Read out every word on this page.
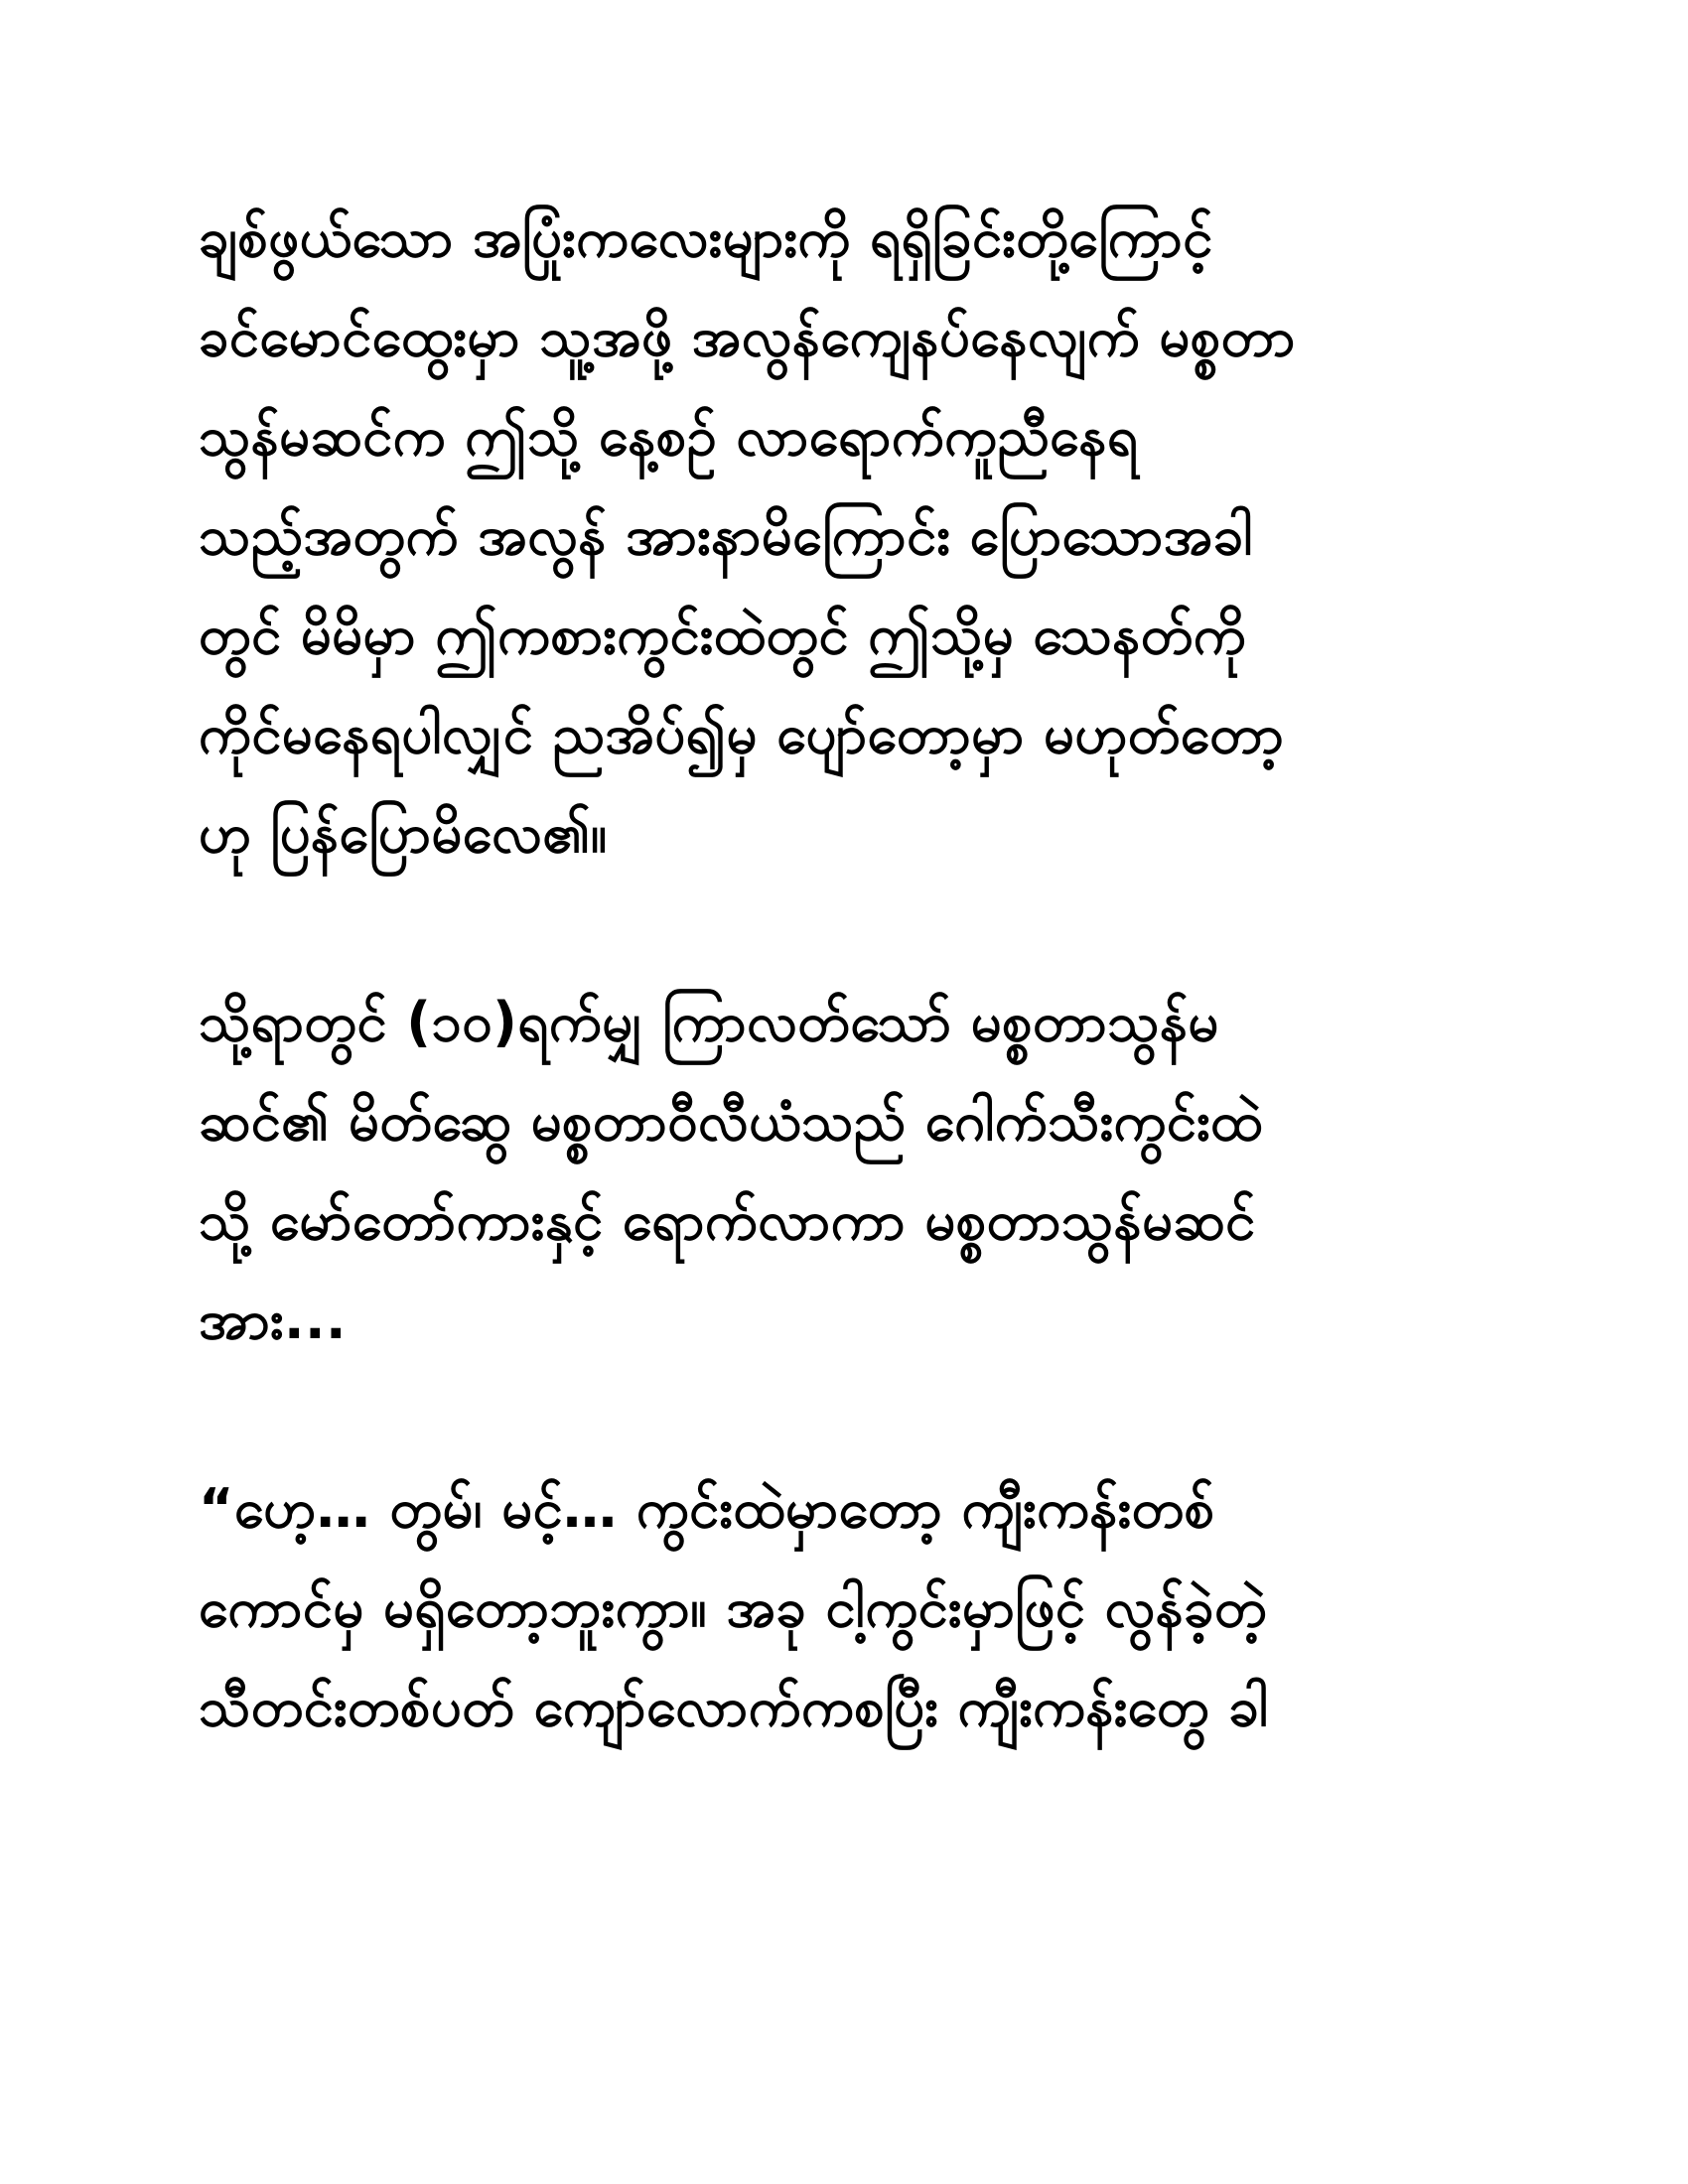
ချစ်ဖွယ်သော အပြုံးကလေးများကို ရရှိခြင်းတို့ကြောင့်
ခင်မောင်ထွေးမှာ သူ့အဖို့ အလွန်ကျေနပ်နေလျက် မစ္စတာ
သွန်မဆင်က ဤသို့ နေ့စဉ် လာရောက်ကူညီနေရ
သည့်အတွက် အလွန် အားနာမိကြောင်း ပြောသောအခါ
တွင် မိမိမှာ ဤကစားကွင်းထဲတွင် ဤသို့မှ သေနတ်ကို
ကိုင်မနေရပါလျှင် ညအိပ်၍မှ ပျော်တော့မှာ မဟုတ်တော့
ဟု ပြန်ပြောမိလေ၏။
သို့ရာတွင် (၁၀)ရက်မျှ ကြာလတ်သော် မစ္စတာသွန်မ
ဆင်၏ မိတ်ဆွေ မစ္စတာဝီလီယံသည် ဂေါက်သီးကွင်းထဲ
သို့ မော်တော်ကားနှင့် ရောက်လာကာ မစ္စတာသွန်မဆင်
အား...
“ဟေ့… တွမ်၊ မင့်… ကွင်းထဲမှာတော့ ကျီးကန်းတစ်
ကောင်မှ မရှိတော့ဘူးကွာ။ အခု ငါ့ကွင်းမှာဖြင့် လွန်ခဲ့တဲ့
သီတင်းတစ်ပတ် ကျော်လောက်ကစပြီး ကျီးကန်းတွေ ခါ
